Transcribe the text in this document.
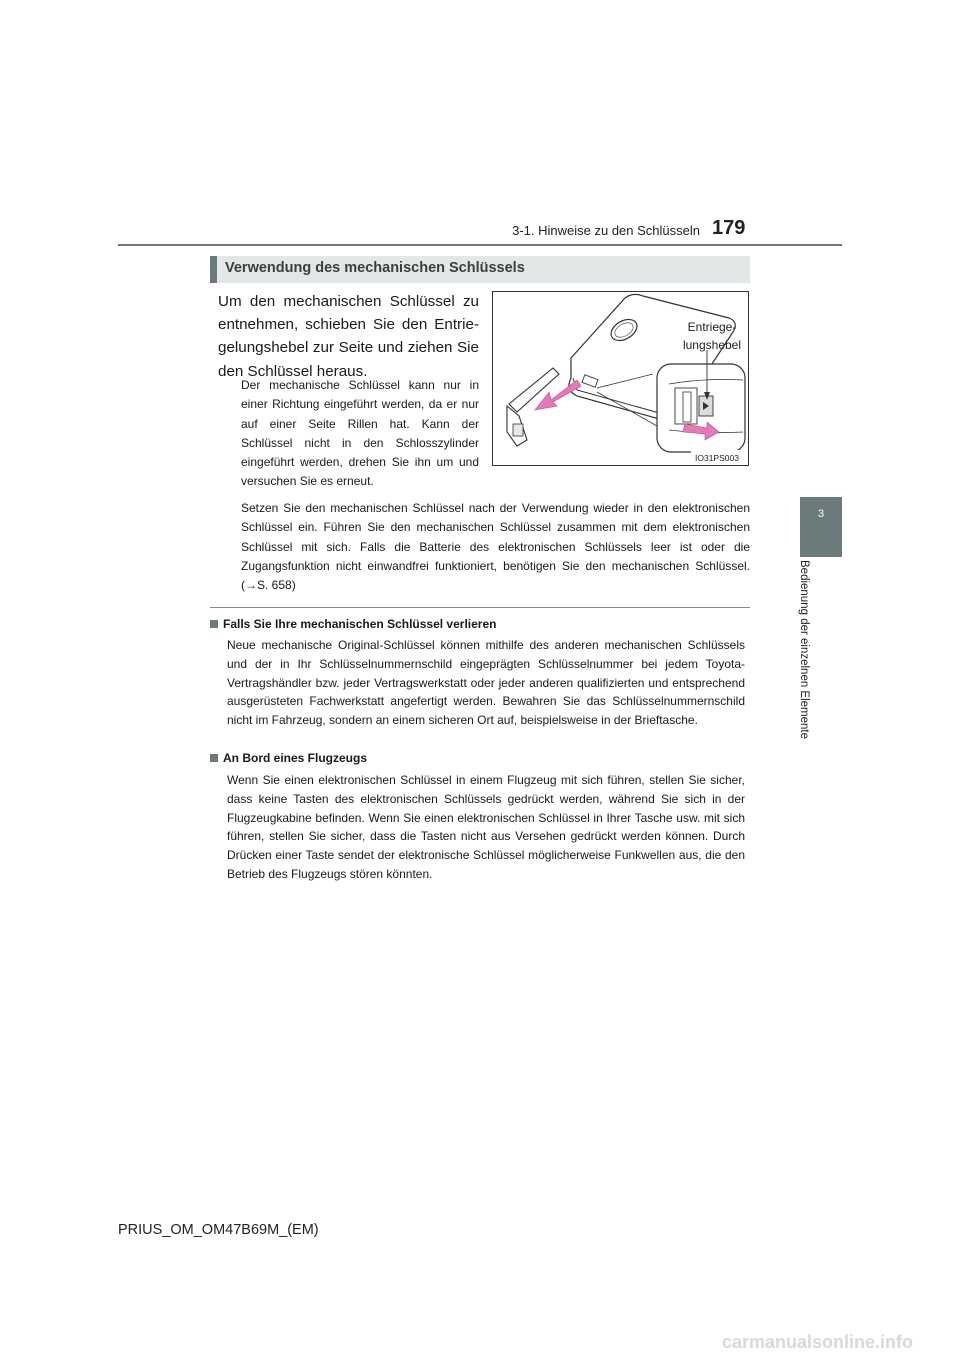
3-1. Hinweise zu den Schlüsseln 179
3
Bedienung der einzelnen Elemente
Verwendung des mechanischen Schlüssels
Um den mechanischen Schlüssel zu entnehmen, schieben Sie den Entriegelungshebel zur Seite und ziehen Sie den Schlüssel heraus.
Der mechanische Schlüssel kann nur in einer Richtung eingeführt werden, da er nur auf einer Seite Rillen hat. Kann der Schlüssel nicht in den Schlosszylinder eingeführt werden, drehen Sie ihn um und versuchen Sie es erneut.
IO31PS003
Entriege-
lungshebel
Setzen Sie den mechanischen Schlüssel nach der Verwendung wieder in den elektronischen Schlüssel ein. Führen Sie den mechanischen Schlüssel zusammen mit dem elektronischen Schlüssel mit sich. Falls die Batterie des elektronischen Schlüssels leer ist oder die Zugangsfunktion nicht einwandfrei funktioniert, benötigen Sie den mechanischen Schlüssel. (→S. 658)
Falls Sie Ihre mechanischen Schlüssel verlieren
Neue mechanische Original-Schlüssel können mithilfe des anderen mechanischen Schlüssels und der in Ihr Schlüsselnummernschild eingeprägten Schlüsselnummer bei jedem Toyota-Vertragshändler bzw. jeder Vertragswerkstatt oder jeder anderen qualifizierten und entsprechend ausgerüsteten Fachwerkstatt angefertigt werden. Bewahren Sie das Schlüsselnummernschild nicht im Fahrzeug, sondern an einem sicheren Ort auf, beispielsweise in der Brieftasche.
An Bord eines Flugzeugs
Wenn Sie einen elektronischen Schlüssel in einem Flugzeug mit sich führen, stellen Sie sicher, dass keine Tasten des elektronischen Schlüssels gedrückt werden, während Sie sich in der Flugzeugkabine befinden. Wenn Sie einen elektronischen Schlüssel in Ihrer Tasche usw. mit sich führen, stellen Sie sicher, dass die Tasten nicht aus Versehen gedrückt werden können. Durch Drücken einer Taste sendet der elektronische Schlüssel möglicherweise Funkwellen aus, die den Betrieb des Flugzeugs stören könnten.
PRIUS_OM_OM47B69M_(EM)
carmanualsonline.info
